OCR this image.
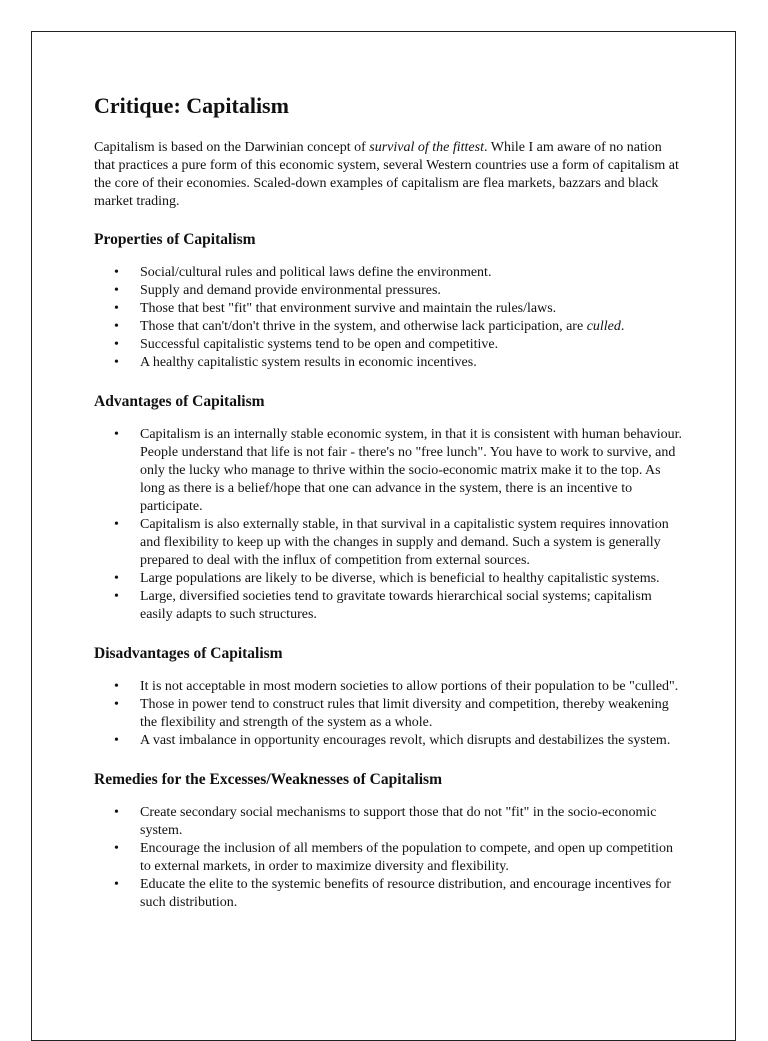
Critique: Capitalism

Capitalism is based on the Darwinian concept of survival of the fittest. While I am aware of no nation that practices a pure form of this economic system, several Western countries use a form of capitalism at the core of their economies. Scaled-down examples of capitalism are flea markets, bazzars and black market trading.

Properties of Capitalism
• Social/cultural rules and political laws define the environment.
• Supply and demand provide environmental pressures.
• Those that best "fit" that environment survive and maintain the rules/laws.
• Those that can't/don't thrive in the system, and otherwise lack participation, are culled.
• Successful capitalistic systems tend to be open and competitive.
• A healthy capitalistic system results in economic incentives.
Advantages of Capitalism
• Capitalism is an internally stable economic system, in that it is consistent with human behaviour. People understand that life is not fair - there's no "free lunch". You have to work to survive, and only the lucky who manage to thrive within the socio-economic matrix make it to the top. As long as there is a belief/hope that one can advance in the system, there is an incentive to participate.
• Capitalism is also externally stable, in that survival in a capitalistic system requires innovation and flexibility to keep up with the changes in supply and demand. Such a system is generally prepared to deal with the influx of competition from external sources.
• Large populations are likely to be diverse, which is beneficial to healthy capitalistic systems.
• Large, diversified societies tend to gravitate towards hierarchical social systems; capitalism easily adapts to such structures.
Disadvantages of Capitalism
• It is not acceptable in most modern societies to allow portions of their population to be "culled".
• Those in power tend to construct rules that limit diversity and competition, thereby weakening the flexibility and strength of the system as a whole.
• A vast imbalance in opportunity encourages revolt, which disrupts and destabilizes the system.
Remedies for the Excesses/Weaknesses of Capitalism
• Create secondary social mechanisms to support those that do not "fit" in the socio-economic system.
• Encourage the inclusion of all members of the population to compete, and open up competition to external markets, in order to maximize diversity and flexibility.
• Educate the elite to the systemic benefits of resource distribution, and encourage incentives for such distribution.
